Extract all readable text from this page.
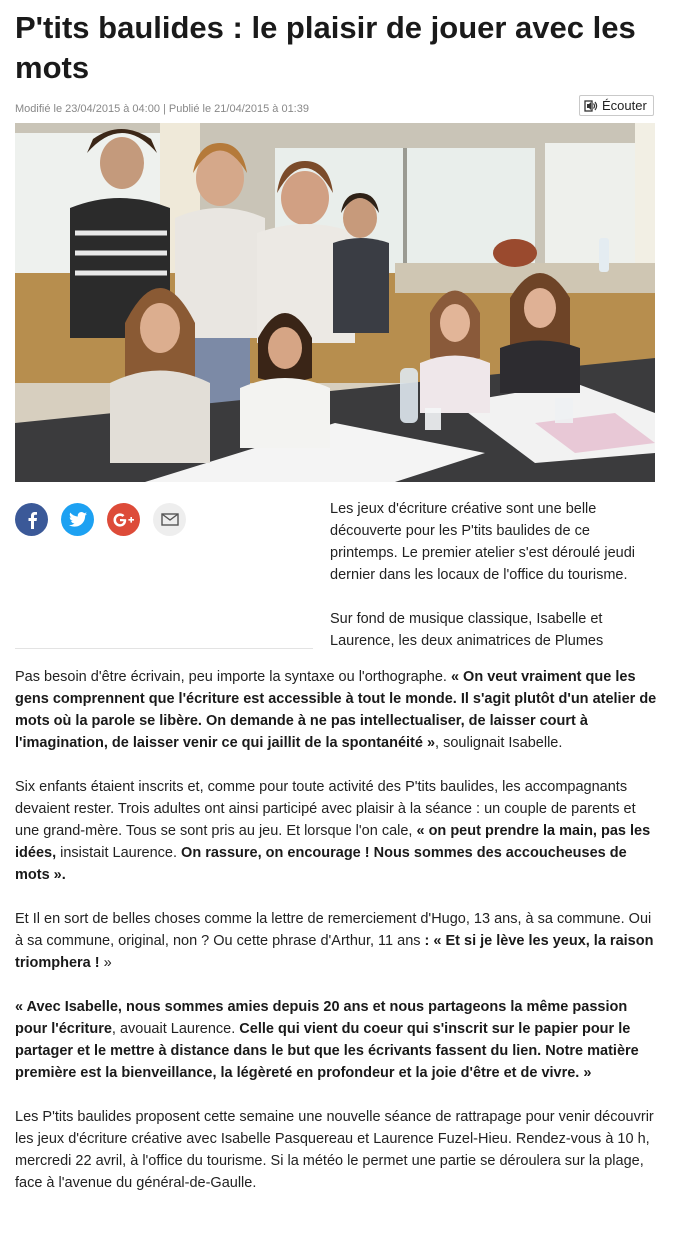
P'tits baulides : le plaisir de jouer avec les mots
Modifié le 23/04/2015 à 04:00 | Publié le 21/04/2015 à 01:39	Écouter

Les jeux d'écriture créative sont une belle découverte pour les P'tits baulides de ce printemps. Le premier atelier s'est déroulé jeudi dernier dans les locaux de l'office du tourisme.

Sur fond de musique classique, Isabelle et Laurence, les deux animatrices de Plumes

Pas besoin d'être écrivain, peu importe la syntaxe ou l'orthographe. « On veut vraiment que les gens comprennent que l'écriture est accessible à tout le monde. Il s'agit plutôt d'un atelier de mots où la parole se libère. On demande à ne pas intellectualiser, de laisser court à l'imagination, de laisser venir ce qui jaillit de la spontanéité », soulignait Isabelle.

Six enfants étaient inscrits et, comme pour toute activité des P'tits baulides, les accompagnants devaient rester. Trois adultes ont ainsi participé avec plaisir à la séance : un couple de parents et une grand-mère. Tous se sont pris au jeu. Et lorsque l'on cale, « on peut prendre la main, pas les idées, insistait Laurence. On rassure, on encourage ! Nous sommes des accoucheuses de mots ».

Et Il en sort de belles choses comme la lettre de remerciement d'Hugo, 13 ans, à sa commune. Oui à sa commune, original, non ? Ou cette phrase d'Arthur, 11 ans : « Et si je lève les yeux, la raison triomphera ! »

« Avec Isabelle, nous sommes amies depuis 20 ans et nous partageons la même passion pour l'écriture, avouait Laurence. Celle qui vient du coeur qui s'inscrit sur le papier pour le partager et le mettre à distance dans le but que les écrivants fassent du lien. Notre matière première est la bienveillance, la légèreté en profondeur et la joie d'être et de vivre. »

Les P'tits baulides proposent cette semaine une nouvelle séance de rattrapage pour venir découvrir les jeux d'écriture créative avec Isabelle Pasquereau et Laurence Fuzel-Hieu. Rendez-vous à 10 h, mercredi 22 avril, à l'office du tourisme. Si la météo le permet une partie se déroulera sur la plage, face à l'avenue du général-de-Gaulle.
